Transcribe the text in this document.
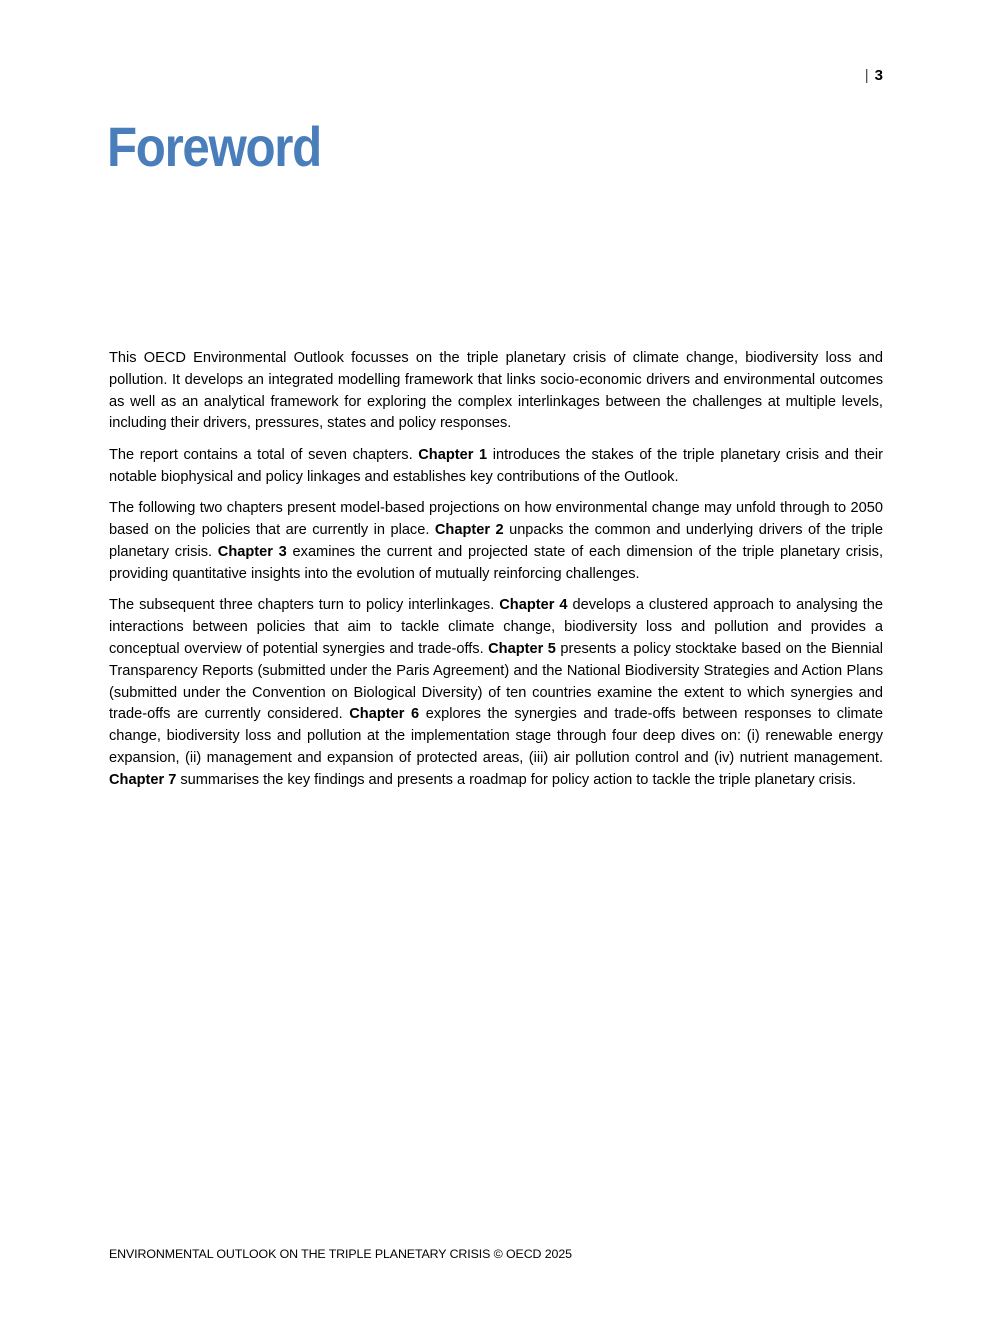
| 3
Foreword

This OECD Environmental Outlook focusses on the triple planetary crisis of climate change, biodiversity loss and pollution. It develops an integrated modelling framework that links socio-economic drivers and environmental outcomes as well as an analytical framework for exploring the complex interlinkages between the challenges at multiple levels, including their drivers, pressures, states and policy responses.

The report contains a total of seven chapters. Chapter 1 introduces the stakes of the triple planetary crisis and their notable biophysical and policy linkages and establishes key contributions of the Outlook.

The following two chapters present model-based projections on how environmental change may unfold through to 2050 based on the policies that are currently in place. Chapter 2 unpacks the common and underlying drivers of the triple planetary crisis. Chapter 3 examines the current and projected state of each dimension of the triple planetary crisis, providing quantitative insights into the evolution of mutually reinforcing challenges.

The subsequent three chapters turn to policy interlinkages. Chapter 4 develops a clustered approach to analysing the interactions between policies that aim to tackle climate change, biodiversity loss and pollution and provides a conceptual overview of potential synergies and trade-offs. Chapter 5 presents a policy stocktake based on the Biennial Transparency Reports (submitted under the Paris Agreement) and the National Biodiversity Strategies and Action Plans (submitted under the Convention on Biological Diversity) of ten countries examine the extent to which synergies and trade-offs are currently considered. Chapter 6 explores the synergies and trade-offs between responses to climate change, biodiversity loss and pollution at the implementation stage through four deep dives on: (i) renewable energy expansion, (ii) management and expansion of protected areas, (iii) air pollution control and (iv) nutrient management. Chapter 7 summarises the key findings and presents a roadmap for policy action to tackle the triple planetary crisis.

ENVIRONMENTAL OUTLOOK ON THE TRIPLE PLANETARY CRISIS © OECD 2025
